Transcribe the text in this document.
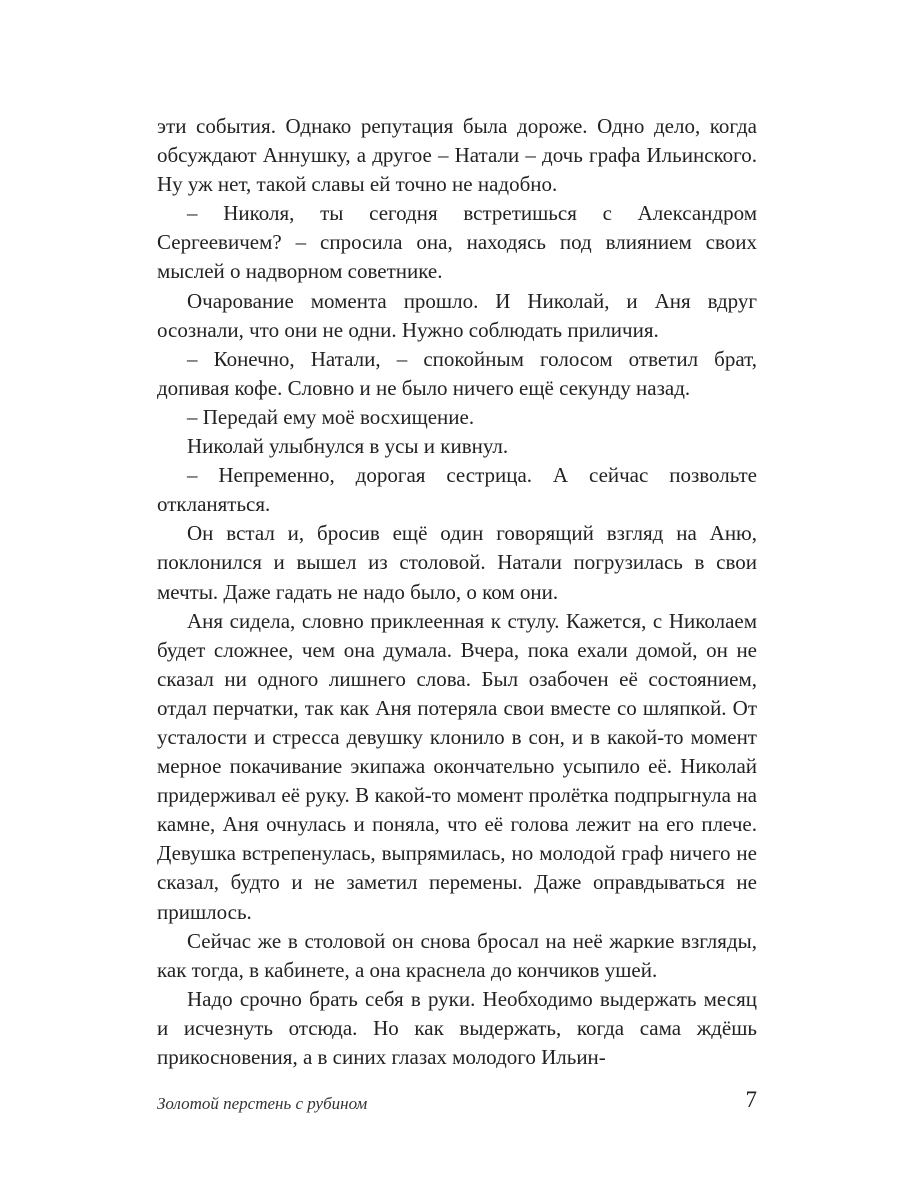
эти события. Однако репутация была дороже. Одно дело, когда обсуждают Аннушку, а другое – Натали – дочь графа Ильинского. Ну уж нет, такой славы ей точно не надобно.

– Николя, ты сегодня встретишься с Александром Сергеевичем? – спросила она, находясь под влиянием своих мыслей о надворном советнике.

Очарование момента прошло. И Николай, и Аня вдруг осознали, что они не одни. Нужно соблюдать приличия.

– Конечно, Натали, – спокойным голосом ответил брат, допивая кофе. Словно и не было ничего ещё секунду назад.

– Передай ему моё восхищение.

Николай улыбнулся в усы и кивнул.

– Непременно, дорогая сестрица. А сейчас позвольте откланяться.

Он встал и, бросив ещё один говорящий взгляд на Аню, поклонился и вышел из столовой. Натали погрузилась в свои мечты. Даже гадать не надо было, о ком они.

Аня сидела, словно приклеенная к стулу. Кажется, с Николаем будет сложнее, чем она думала. Вчера, пока ехали домой, он не сказал ни одного лишнего слова. Был озабочен её состоянием, отдал перчатки, так как Аня потеряла свои вместе со шляпкой. От усталости и стресса девушку клонило в сон, и в какой-то момент мерное покачивание экипажа окончательно усыпило её. Николай придерживал её руку. В какой-то момент пролётка подпрыгнула на камне, Аня очнулась и поняла, что её голова лежит на его плече. Девушка встрепенулась, выпрямилась, но молодой граф ничего не сказал, будто и не заметил перемены. Даже оправдываться не пришлось.

Сейчас же в столовой он снова бросал на неё жаркие взгляды, как тогда, в кабинете, а она краснела до кончиков ушей.

Надо срочно брать себя в руки. Необходимо выдержать месяц и исчезнуть отсюда. Но как выдержать, когда сама ждёшь прикосновения, а в синих глазах молодого Ильин-

Золотой перстень с рубином	7
